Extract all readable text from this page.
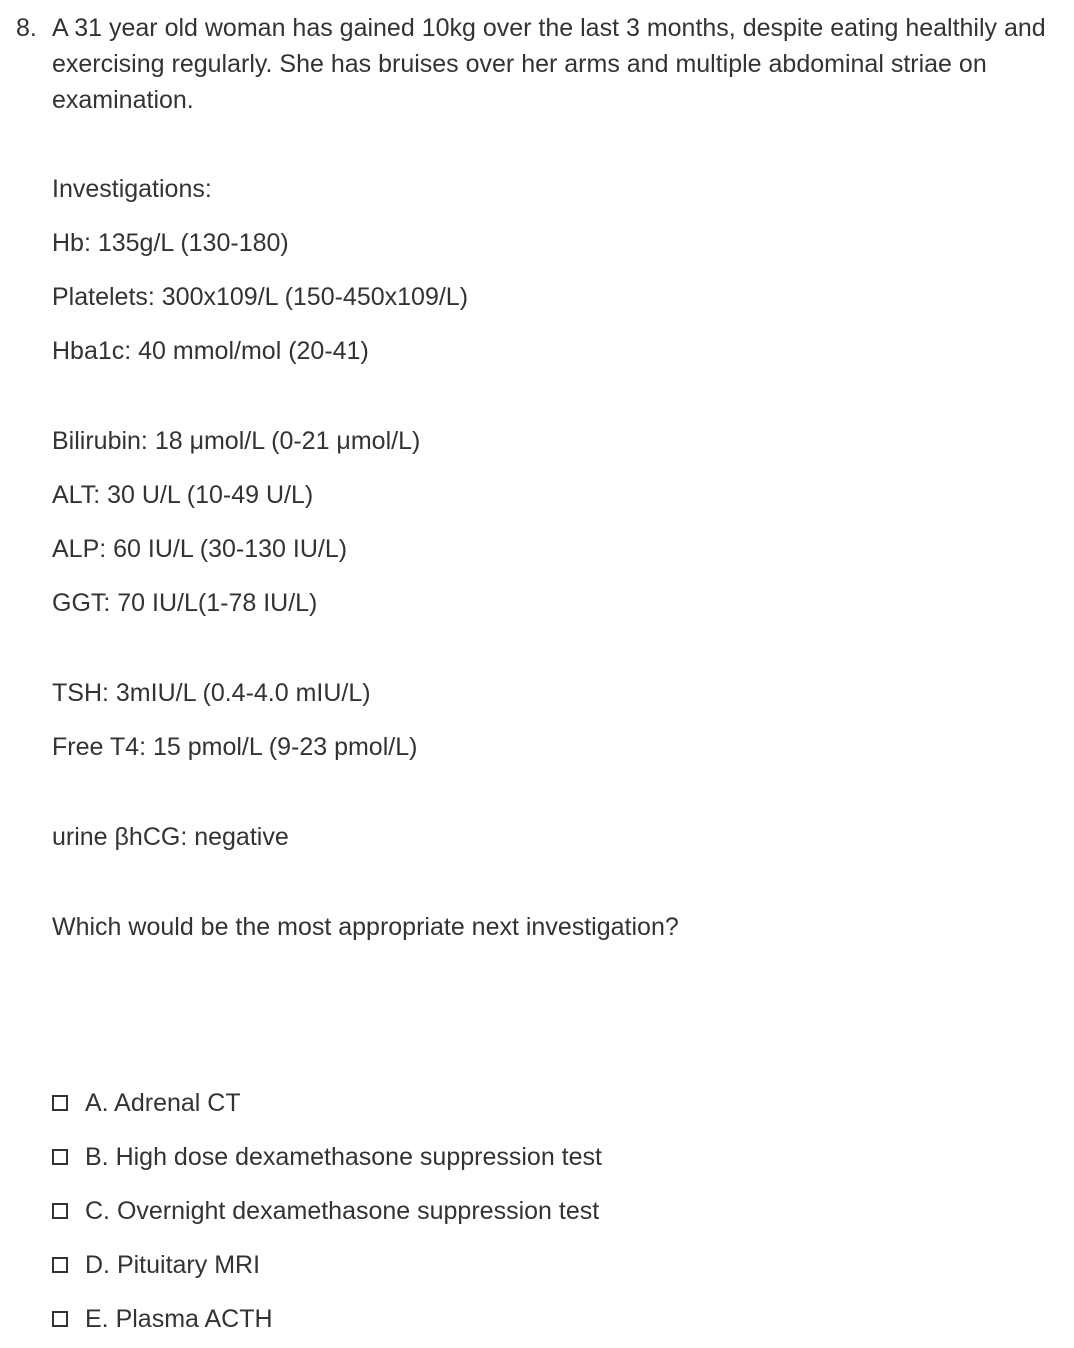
8. A 31 year old woman has gained 10kg over the last 3 months, despite eating healthily and exercising regularly. She has bruises over her arms and multiple abdominal striae on examination.
Investigations:
Hb: 135g/L (130-180)
Platelets: 300x109/L (150-450x109/L)
Hba1c: 40 mmol/mol (20-41)
Bilirubin: 18 μmol/L (0-21 μmol/L)
ALT: 30 U/L (10-49 U/L)
ALP: 60 IU/L (30-130 IU/L)
GGT: 70 IU/L(1-78 IU/L)
TSH: 3mIU/L (0.4-4.0 mIU/L)
Free T4: 15 pmol/L (9-23 pmol/L)
urine βhCG: negative
Which would be the most appropriate next investigation?
A. Adrenal CT
B. High dose dexamethasone suppression test
C. Overnight dexamethasone suppression test
D. Pituitary MRI
E. Plasma ACTH
